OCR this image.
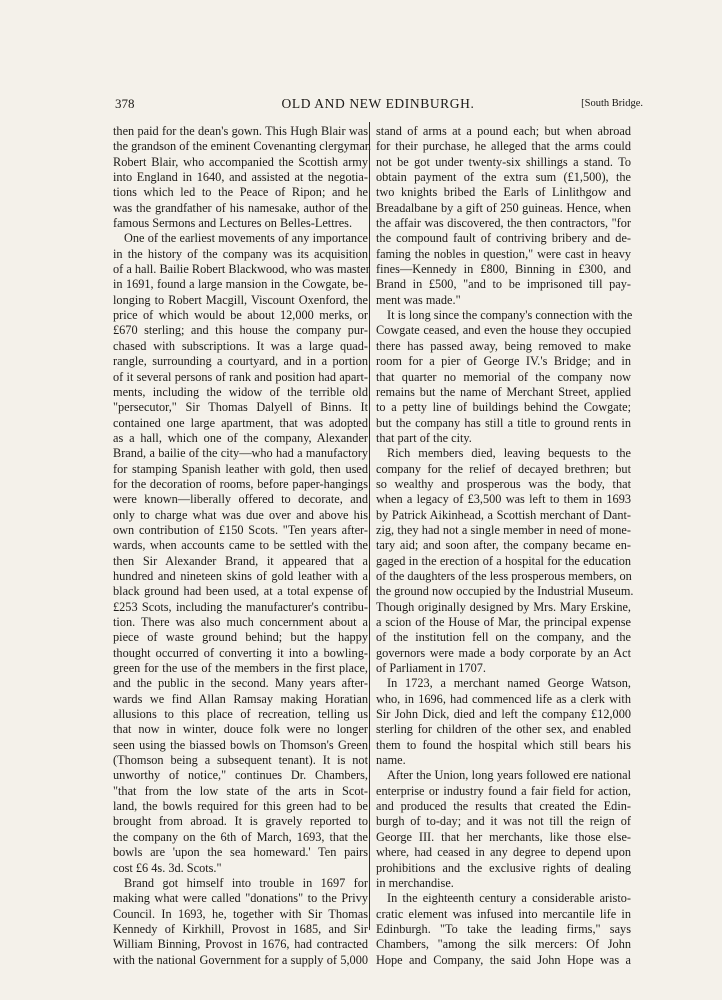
378	OLD AND NEW EDINBURGH.	[South Bridge.
then paid for the dean's gown. This Hugh Blair was
the grandson of the eminent Covenanting clergyman
Robert Blair, who accompanied the Scottish army
into England in 1640, and assisted at the negotia-
tions which led to the Peace of Ripon; and he
was the grandfather of his namesake, author of the
famous Sermons and Lectures on Belles-Lettres.
One of the earliest movements of any importance
in the history of the company was its acquisition
of a hall. Bailie Robert Blackwood, who was master
in 1691, found a large mansion in the Cowgate, be-
longing to Robert Macgill, Viscount Oxenford, the
price of which would be about 12,000 merks, or
£670 sterling; and this house the company pur-
chased with subscriptions. It was a large quad-
rangle, surrounding a courtyard, and in a portion
of it several persons of rank and position had apart-
ments, including the widow of the terrible old
"persecutor," Sir Thomas Dalyell of Binns. It
contained one large apartment, that was adopted
as a hall, which one of the company, Alexander
Brand, a bailie of the city—who had a manufactory
for stamping Spanish leather with gold, then used
for the decoration of rooms, before paper-hangings
were known—liberally offered to decorate, and
only to charge what was due over and above his
own contribution of £150 Scots. "Ten years after-
wards, when accounts came to be settled with the
then Sir Alexander Brand, it appeared that a
hundred and nineteen skins of gold leather with a
black ground had been used, at a total expense of
£253 Scots, including the manufacturer's contribu-
tion. There was also much concernment about a
piece of waste ground behind; but the happy
thought occurred of converting it into a bowling-
green for the use of the members in the first place,
and the public in the second. Many years after-
wards we find Allan Ramsay making Horatian
allusions to this place of recreation, telling us
that now in winter, douce folk were no longer
seen using the biassed bowls on Thomson's Green
(Thomson being a subsequent tenant). It is not
unworthy of notice," continues Dr. Chambers,
"that from the low state of the arts in Scot-
land, the bowls required for this green had to be
brought from abroad. It is gravely reported to
the company on the 6th of March, 1693, that the
bowls are 'upon the sea homeward.' Ten pairs
cost £6 4s. 3d. Scots."
Brand got himself into trouble in 1697 for
making what were called "donations" to the Privy
Council. In 1693, he, together with Sir Thomas
Kennedy of Kirkhill, Provost in 1685, and Sir
William Binning, Provost in 1676, had contracted
with the national Government for a supply of 5,000
stand of arms at a pound each; but when abroad
for their purchase, he alleged that the arms could
not be got under twenty-six shillings a stand. To
obtain payment of the extra sum (£1,500), the
two knights bribed the Earls of Linlithgow and
Breadalbane by a gift of 250 guineas. Hence, when
the affair was discovered, the then contractors, "for
the compound fault of contriving bribery and de-
faming the nobles in question," were cast in heavy
fines—Kennedy in £800, Binning in £300, and
Brand in £500, "and to be imprisoned till pay-
ment was made."
It is long since the company's connection with the
Cowgate ceased, and even the house they occupied
there has passed away, being removed to make
room for a pier of George IV.'s Bridge; and in
that quarter no memorial of the company now
remains but the name of Merchant Street, applied
to a petty line of buildings behind the Cowgate;
but the company has still a title to ground rents in
that part of the city.
Rich members died, leaving bequests to the
company for the relief of decayed brethren; but
so wealthy and prosperous was the body, that
when a legacy of £3,500 was left to them in 1693
by Patrick Aikinhead, a Scottish merchant of Dant-
zig, they had not a single member in need of mone-
tary aid; and soon after, the company became en-
gaged in the erection of a hospital for the education
of the daughters of the less prosperous members, on
the ground now occupied by the Industrial Museum.
Though originally designed by Mrs. Mary Erskine,
a scion of the House of Mar, the principal expense
of the institution fell on the company, and the
governors were made a body corporate by an Act
of Parliament in 1707.
In 1723, a merchant named George Watson,
who, in 1696, had commenced life as a clerk with
Sir John Dick, died and left the company £12,000
sterling for children of the other sex, and enabled
them to found the hospital which still bears his
name.
After the Union, long years followed ere national
enterprise or industry found a fair field for action,
and produced the results that created the Edin-
burgh of to-day; and it was not till the reign of
George III. that her merchants, like those else-
where, had ceased in any degree to depend upon
prohibitions and the exclusive rights of dealing
in merchandise.
In the eighteenth century a considerable aristo-
cratic element was infused into mercantile life in
Edinburgh. "To take the leading firms," says
Chambers, "among the silk mercers: Of John
Hope and Company, the said John Hope was a
